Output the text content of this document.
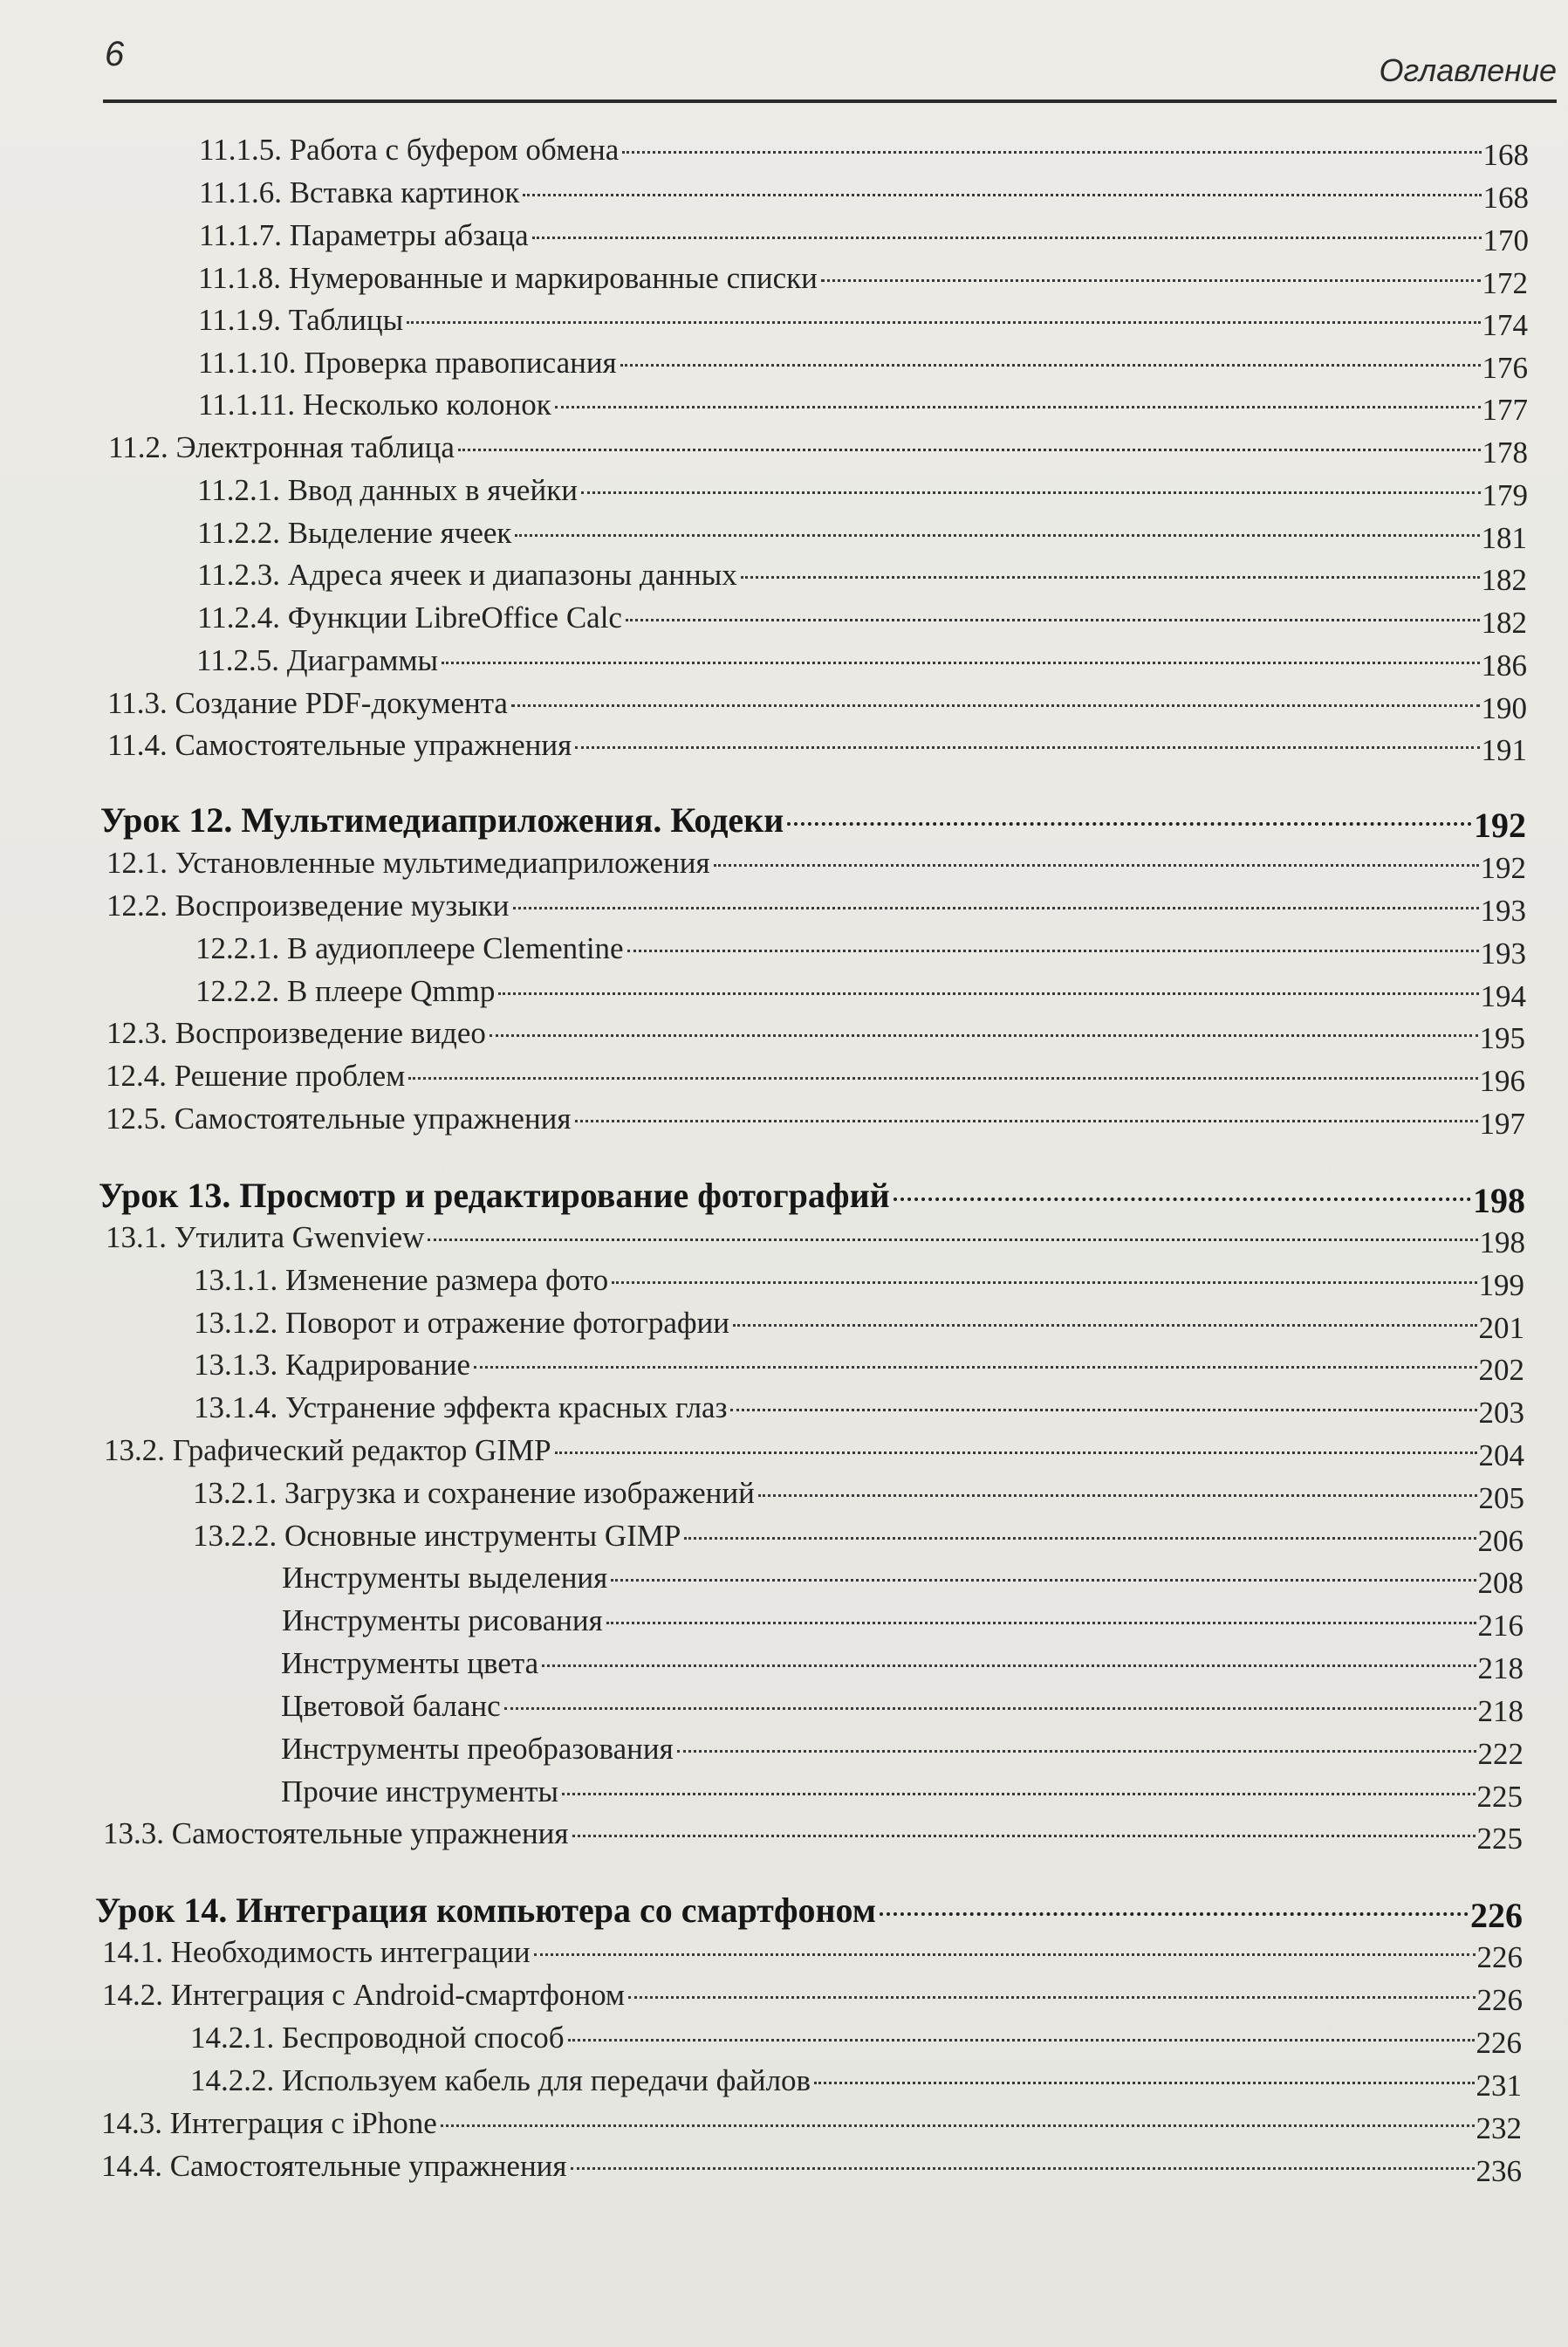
6	Оглавление
11.1.5. Работа с буфером обмена	168
11.1.6. Вставка картинок	168
11.1.7. Параметры абзаца	170
11.1.8. Нумерованные и маркированные списки	172
11.1.9. Таблицы	174
11.1.10. Проверка правописания	176
11.1.11. Несколько колонок	177
11.2. Электронная таблица	178
11.2.1. Ввод данных в ячейки	179
11.2.2. Выделение ячеек	181
11.2.3. Адреса ячеек и диапазоны данных	182
11.2.4. Функции LibreOffice Calc	182
11.2.5. Диаграммы	186
11.3. Создание PDF-документа	190
11.4. Самостоятельные упражнения	191
Урок 12. Мультимедиаприложения. Кодеки	192
12.1. Установленные мультимедиаприложения	192
12.2. Воспроизведение музыки	193
12.2.1. В аудиоплеере Clementine	193
12.2.2. В плеере Qmmp	194
12.3. Воспроизведение видео	195
12.4. Решение проблем	196
12.5. Самостоятельные упражнения	197
Урок 13. Просмотр и редактирование фотографий	198
13.1. Утилита Gwenview	198
13.1.1. Изменение размера фото	199
13.1.2. Поворот и отражение фотографии	201
13.1.3. Кадрирование	202
13.1.4. Устранение эффекта красных глаз	203
13.2. Графический редактор GIMP	204
13.2.1. Загрузка и сохранение изображений	205
13.2.2. Основные инструменты GIMP	206
Инструменты выделения	208
Инструменты рисования	216
Инструменты цвета	218
Цветовой баланс	218
Инструменты преобразования	222
Прочие инструменты	225
13.3. Самостоятельные упражнения	225
Урок 14. Интеграция компьютера со смартфоном	226
14.1. Необходимость интеграции	226
14.2. Интеграция с Android-смартфоном	226
14.2.1. Беспроводной способ	226
14.2.2. Используем кабель для передачи файлов	231
14.3. Интеграция с iPhone	232
14.4. Самостоятельные упражнения	236
